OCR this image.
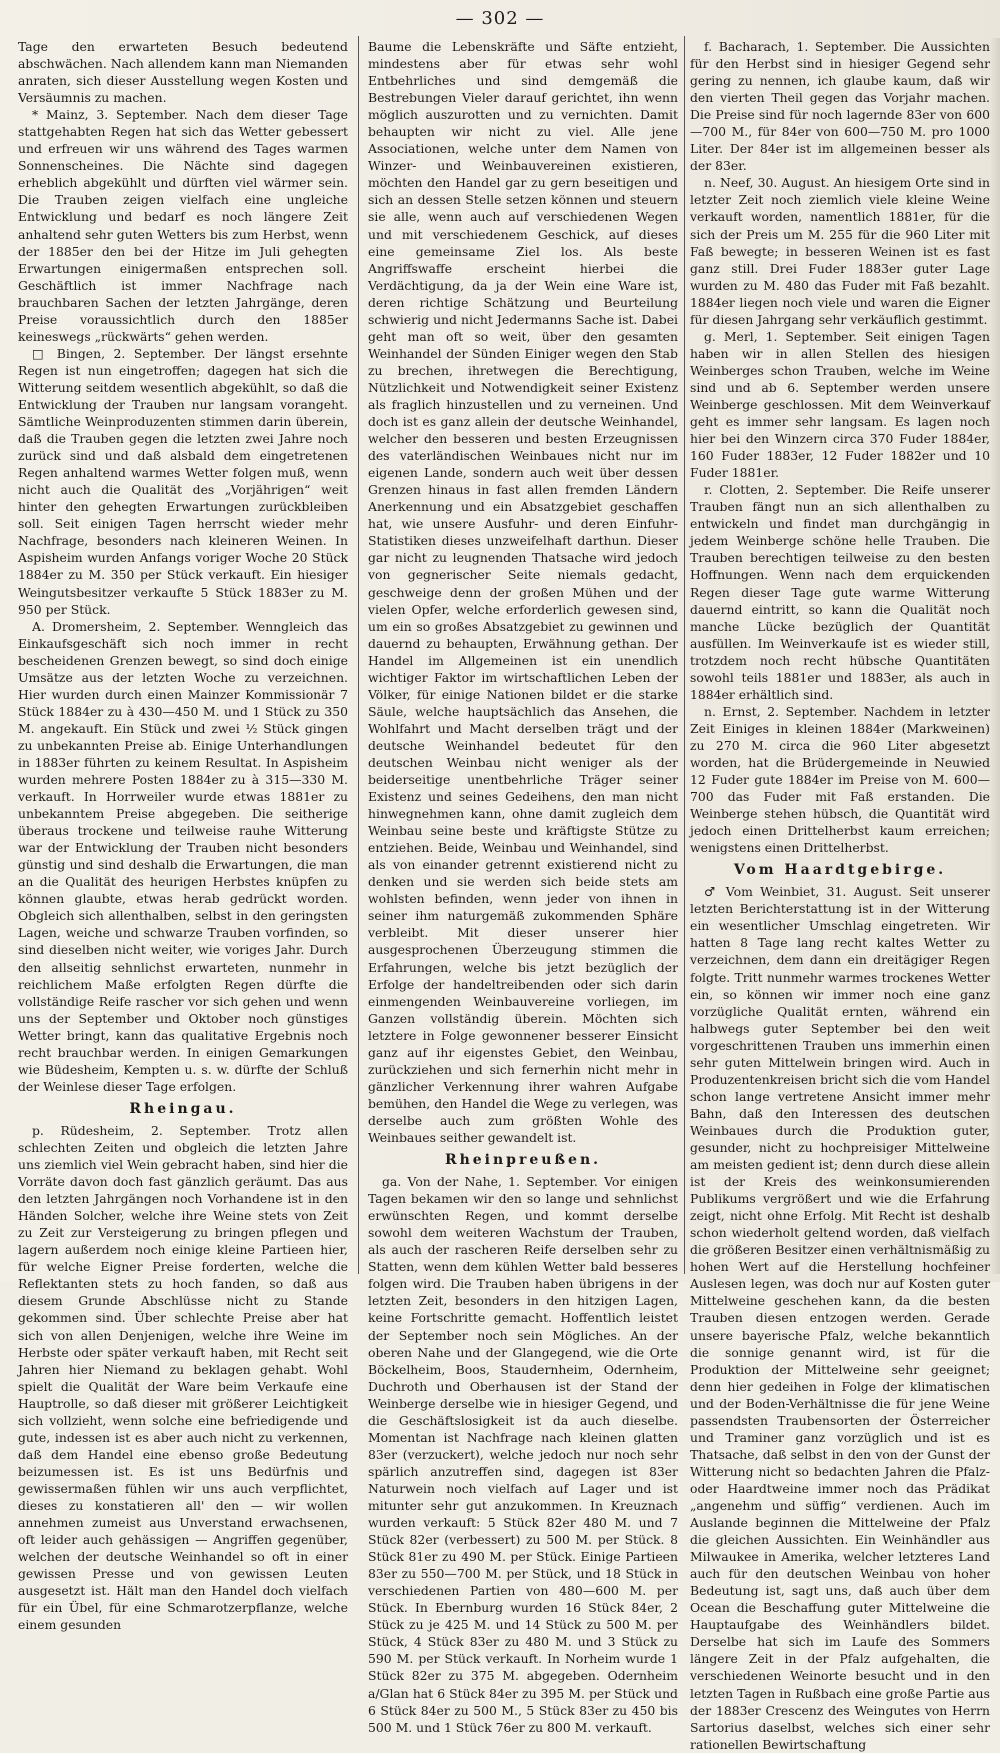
— 302 —

Tage den erwarteten Besuch bedeutend abschwächen. Nach allendem kann man Niemanden anraten, sich dieser Ausstellung wegen Kosten und Versäumnis zu machen.

* Mainz, 3. September. Nach dem dieser Tage stattgehabten Regen hat sich das Wetter gebessert und erfreuen wir uns während des Tages warmen Sonnenscheines. Die Nächte sind dagegen erheblich abgekühlt und dürften viel wärmer sein. Die Trauben zeigen vielfach eine ungleiche Entwicklung und bedarf es noch längere Zeit anhaltend sehr guten Wetters bis zum Herbst, wenn der 1885er den bei der Hitze im Juli gehegten Erwartungen einigermaßen entsprechen soll. Geschäftlich ist immer Nachfrage nach brauchbaren Sachen der letzten Jahrgänge, deren Preise voraussichtlich durch den 1885er keineswegs „rückwärts“ gehen werden.

□ Bingen, 2. September. Der längst ersehnte Regen ist nun eingetroffen; dagegen hat sich die Witterung seitdem wesentlich abgekühlt, so daß die Entwicklung der Trauben nur langsam vorangeht. Sämtliche Weinproduzenten stimmen darin überein, daß die Trauben gegen die letzten zwei Jahre noch zurück sind und daß alsbald dem eingetretenen Regen anhaltend warmes Wetter folgen muß, wenn nicht auch die Qualität des „Vorjährigen“ weit hinter den gehegten Erwartungen zurückbleiben soll. Seit einigen Tagen herrscht wieder mehr Nachfrage, besonders nach kleineren Weinen. In Aspisheim wurden Anfangs voriger Woche 20 Stück 1884er zu M. 350 per Stück verkauft. Ein hiesiger Weingutsbesitzer verkaufte 5 Stück 1883er zu M. 950 per Stück.

A. Dromersheim, 2. September. Wenngleich das Einkaufsgeschäft sich noch immer in recht bescheidenen Grenzen bewegt, so sind doch einige Umsätze aus der letzten Woche zu verzeichnen. Hier wurden durch einen Mainzer Kommissionär 7 Stück 1884er zu à 430—450 M. und 1 Stück zu 350 M. angekauft. Ein Stück und zwei ½ Stück gingen zu unbekannten Preise ab. Einige Unterhandlungen in 1883er führten zu keinem Resultat. In Aspisheim wurden mehrere Posten 1884er zu à 315—330 M. verkauft. In Horrweiler wurde etwas 1881er zu unbekanntem Preise abgegeben. Die seitherige überaus trockene und teilweise rauhe Witterung war der Entwicklung der Trauben nicht besonders günstig und sind deshalb die Erwartungen, die man an die Qualität des heurigen Herbstes knüpfen zu können glaubte, etwas herab gedrückt worden. Obgleich sich allenthalben, selbst in den geringsten Lagen, weiche und schwarze Trauben vorfinden, so sind dieselben nicht weiter, wie voriges Jahr. Durch den allseitig sehnlichst erwarteten, nunmehr in reichlichem Maße erfolgten Regen dürfte die vollständige Reife rascher vor sich gehen und wenn uns der September und Oktober noch günstiges Wetter bringt, kann das qualitative Ergebnis noch recht brauchbar werden. In einigen Gemarkungen wie Büdesheim, Kempten u. s. w. dürfte der Schluß der Weinlese dieser Tage erfolgen.

Rheingau.

p. Rüdesheim, 2. September. Trotz allen schlechten Zeiten und obgleich die letzten Jahre uns ziemlich viel Wein gebracht haben, sind hier die Vorräte davon doch fast gänzlich geräumt. Das aus den letzten Jahrgängen noch Vorhandene ist in den Händen Solcher, welche ihre Weine stets von Zeit zu Zeit zur Versteigerung zu bringen pflegen und lagern außerdem noch einige kleine Partieen hier, für welche Eigner Preise forderten, welche die Reflektanten stets zu hoch fanden, so daß aus diesem Grunde Abschlüsse nicht zu Stande gekommen sind. Über schlechte Preise aber hat sich von allen Denjenigen, welche ihre Weine im Herbste oder später verkauft haben, mit Recht seit Jahren hier Niemand zu beklagen gehabt. Wohl spielt die Qualität der Ware beim Verkaufe eine Hauptrolle, so daß dieser mit größerer Leichtigkeit sich vollzieht, wenn solche eine befriedigende und gute, indessen ist es aber auch nicht zu verkennen, daß dem Handel eine ebenso große Bedeutung beizumessen ist. Es ist uns Bedürfnis und gewissermaßen fühlen wir uns auch verpflichtet, dieses zu konstatieren all' den — wir wollen annehmen zumeist aus Unverstand erwachsenen, oft leider auch gehässigen — Angriffen gegenüber, welchen der deutsche Weinhandel so oft in einer gewissen Presse und von gewissen Leuten ausgesetzt ist. Hält man den Handel doch vielfach für ein Übel, für eine Schmarotzerpflanze, welche einem gesunden

Baume die Lebenskräfte und Säfte entzieht, mindestens aber für etwas sehr wohl Entbehrliches und sind demgemäß die Bestrebungen Vieler darauf gerichtet, ihn wenn möglich auszurotten und zu vernichten. Damit behaupten wir nicht zu viel. Alle jene Associationen, welche unter dem Namen von Winzer- und Weinbauvereinen existieren, möchten den Handel gar zu gern beseitigen und sich an dessen Stelle setzen können und steuern sie alle, wenn auch auf verschiedenen Wegen und mit verschiedenem Geschick, auf dieses eine gemeinsame Ziel los. Als beste Angriffswaffe erscheint hierbei die Verdächtigung, da ja der Wein eine Ware ist, deren richtige Schätzung und Beurteilung schwierig und nicht Jedermanns Sache ist. Dabei geht man oft so weit, über den gesamten Weinhandel der Sünden Einiger wegen den Stab zu brechen, ihretwegen die Berechtigung, Nützlichkeit und Notwendigkeit seiner Existenz als fraglich hinzustellen und zu verneinen. Und doch ist es ganz allein der deutsche Weinhandel, welcher den besseren und besten Erzeugnissen des vaterländischen Weinbaues nicht nur im eigenen Lande, sondern auch weit über dessen Grenzen hinaus in fast allen fremden Ländern Anerkennung und ein Absatzgebiet geschaffen hat, wie unsere Ausfuhr- und deren Einfuhr-Statistiken dieses unzweifelhaft darthun. Dieser gar nicht zu leugnenden Thatsache wird jedoch von gegnerischer Seite niemals gedacht, geschweige denn der großen Mühen und der vielen Opfer, welche erforderlich gewesen sind, um ein so großes Absatzgebiet zu gewinnen und dauernd zu behaupten, Erwähnung gethan. Der Handel im Allgemeinen ist ein unendlich wichtiger Faktor im wirtschaftlichen Leben der Völker, für einige Nationen bildet er die starke Säule, welche hauptsächlich das Ansehen, die Wohlfahrt und Macht derselben trägt und der deutsche Weinhandel bedeutet für den deutschen Weinbau nicht weniger als der beiderseitige unentbehrliche Träger seiner Existenz und seines Gedeihens, den man nicht hinwegnehmen kann, ohne damit zugleich dem Weinbau seine beste und kräftigste Stütze zu entziehen. Beide, Weinbau und Weinhandel, sind als von einander getrennt existierend nicht zu denken und sie werden sich beide stets am wohlsten befinden, wenn jeder von ihnen in seiner ihm naturgemäß zukommenden Sphäre verbleibt. Mit dieser unserer hier ausgesprochenen Überzeugung stimmen die Erfahrungen, welche bis jetzt bezüglich der Erfolge der handeltreibenden oder sich darin einmengenden Weinbauvereine vorliegen, im Ganzen vollständig überein. Möchten sich letztere in Folge gewonnener besserer Einsicht ganz auf ihr eigenstes Gebiet, den Weinbau, zurückziehen und sich fernerhin nicht mehr in gänzlicher Verkennung ihrer wahren Aufgabe bemühen, den Handel die Wege zu verlegen, was derselbe auch zum größten Wohle des Weinbaues seither gewandelt ist.

Rheinpreußen.

ga. Von der Nahe, 1. September. Vor einigen Tagen bekamen wir den so lange und sehnlichst erwünschten Regen, und kommt derselbe sowohl dem weiteren Wachstum der Trauben, als auch der rascheren Reife derselben sehr zu Statten, wenn dem kühlen Wetter bald besseres folgen wird. Die Trauben haben übrigens in der letzten Zeit, besonders in den hitzigen Lagen, keine Fortschritte gemacht. Hoffentlich leistet der September noch sein Mögliches. An der oberen Nahe und der Glangegend, wie die Orte Böckelheim, Boos, Staudernheim, Odernheim, Duchroth und Oberhausen ist der Stand der Weinberge derselbe wie in hiesiger Gegend, und die Geschäftslosigkeit ist da auch dieselbe. Momentan ist Nachfrage nach kleinen glatten 83er (verzuckert), welche jedoch nur noch sehr spärlich anzutreffen sind, dagegen ist 83er Naturwein noch vielfach auf Lager und ist mitunter sehr gut anzukommen. In Kreuznach wurden verkauft: 5 Stück 82er 480 M. und 7 Stück 82er (verbessert) zu 500 M. per Stück. 8 Stück 81er zu 490 M. per Stück. Einige Partieen 83er zu 550—700 M. per Stück, und 18 Stück in verschiedenen Partien von 480—600 M. per Stück. In Ebernburg wurden 16 Stück 84er, 2 Stück zu je 425 M. und 14 Stück zu 500 M. per Stück, 4 Stück 83er zu 480 M. und 3 Stück zu 590 M. per Stück verkauft. In Norheim wurde 1 Stück 82er zu 375 M. abgegeben. Odernheim a/Glan hat 6 Stück 84er zu 395 M. per Stück und 6 Stück 84er zu 500 M., 5 Stück 83er zu 450 bis 500 M. und 1 Stück 76er zu 800 M. verkauft.

f. Bacharach, 1. September. Die Aussichten für den Herbst sind in hiesiger Gegend sehr gering zu nennen, ich glaube kaum, daß wir den vierten Theil gegen das Vorjahr machen. Die Preise sind für noch lagernde 83er von 600—700 M., für 84er von 600—750 M. pro 1000 Liter. Der 84er ist im allgemeinen besser als der 83er.

n. Neef, 30. August. An hiesigem Orte sind in letzter Zeit noch ziemlich viele kleine Weine verkauft worden, namentlich 1881er, für die sich der Preis um M. 255 für die 960 Liter mit Faß bewegte; in besseren Weinen ist es fast ganz still. Drei Fuder 1883er guter Lage wurden zu M. 480 das Fuder mit Faß bezahlt. 1884er liegen noch viele und waren die Eigner für diesen Jahrgang sehr verkäuflich gestimmt.

g. Merl, 1. September. Seit einigen Tagen haben wir in allen Stellen des hiesigen Weinberges schon Trauben, welche im Weine sind und ab 6. September werden unsere Weinberge geschlossen. Mit dem Weinverkauf geht es immer sehr langsam. Es lagen noch hier bei den Winzern circa 370 Fuder 1884er, 160 Fuder 1883er, 12 Fuder 1882er und 10 Fuder 1881er.

r. Clotten, 2. September. Die Reife unserer Trauben fängt nun an sich allenthalben zu entwickeln und findet man durchgängig in jedem Weinberge schöne helle Trauben. Die Trauben berechtigen teilweise zu den besten Hoffnungen. Wenn nach dem erquickenden Regen dieser Tage gute warme Witterung dauernd eintritt, so kann die Qualität noch manche Lücke bezüglich der Quantität ausfüllen. Im Weinverkaufe ist es wieder still, trotzdem noch recht hübsche Quantitäten sowohl teils 1881er und 1883er, als auch in 1884er erhältlich sind.

n. Ernst, 2. September. Nachdem in letzter Zeit Einiges in kleinen 1884er (Markweinen) zu 270 M. circa die 960 Liter abgesetzt worden, hat die Brüdergemeinde in Neuwied 12 Fuder gute 1884er im Preise von M. 600—700 das Fuder mit Faß erstanden. Die Weinberge stehen hübsch, die Quantität wird jedoch einen Drittelherbst kaum erreichen; wenigstens einen Drittelherbst.

Vom Haardtgebirge.

♂ Vom Weinbiet, 31. August. Seit unserer letzten Berichterstattung ist in der Witterung ein wesentlicher Umschlag eingetreten. Wir hatten 8 Tage lang recht kaltes Wetter zu verzeichnen, dem dann ein dreitägiger Regen folgte. Tritt nunmehr warmes trockenes Wetter ein, so können wir immer noch eine ganz vorzügliche Qualität ernten, während ein halbwegs guter September bei den weit vorgeschrittenen Trauben uns immerhin einen sehr guten Mittelwein bringen wird. Auch in Produzentenkreisen bricht sich die vom Handel schon lange vertretene Ansicht immer mehr Bahn, daß den Interessen des deutschen Weinbaues durch die Produktion guter, gesunder, nicht zu hochpreisiger Mittelweine am meisten gedient ist; denn durch diese allein ist der Kreis des weinkonsumierenden Publikums vergrößert und wie die Erfahrung zeigt, nicht ohne Erfolg. Mit Recht ist deshalb schon wiederholt geltend worden, daß vielfach die größeren Besitzer einen verhältnismäßig zu hohen Wert auf die Herstellung hochfeiner Auslesen legen, was doch nur auf Kosten guter Mittelweine geschehen kann, da die besten Trauben diesen entzogen werden. Gerade unsere bayerische Pfalz, welche bekanntlich die sonnige genannt wird, ist für die Produktion der Mittelweine sehr geeignet; denn hier gedeihen in Folge der klimatischen und der Boden-Verhältnisse die für jene Weine passendsten Traubensorten der Österreicher und Traminer ganz vorzüglich und ist es Thatsache, daß selbst in den von der Gunst der Witterung nicht so bedachten Jahren die Pfalz- oder Haardtweine immer noch das Prädikat „angenehm und süffig“ verdienen. Auch im Auslande beginnen die Mittelweine der Pfalz die gleichen Aussichten. Ein Weinhändler aus Milwaukee in Amerika, welcher letzteres Land auch für den deutschen Weinbau von hoher Bedeutung ist, sagt uns, daß auch über dem Ocean die Beschaffung guter Mittelweine die Hauptaufgabe des Weinhändlers bildet. Derselbe hat sich im Laufe des Sommers längere Zeit in der Pfalz aufgehalten, die verschiedenen Weinorte besucht und in den letzten Tagen in Rußbach eine große Partie aus der 1883er Crescenz des Weingutes von Herrn Sartorius daselbst, welches sich einer sehr rationellen Bewirtschaftung
